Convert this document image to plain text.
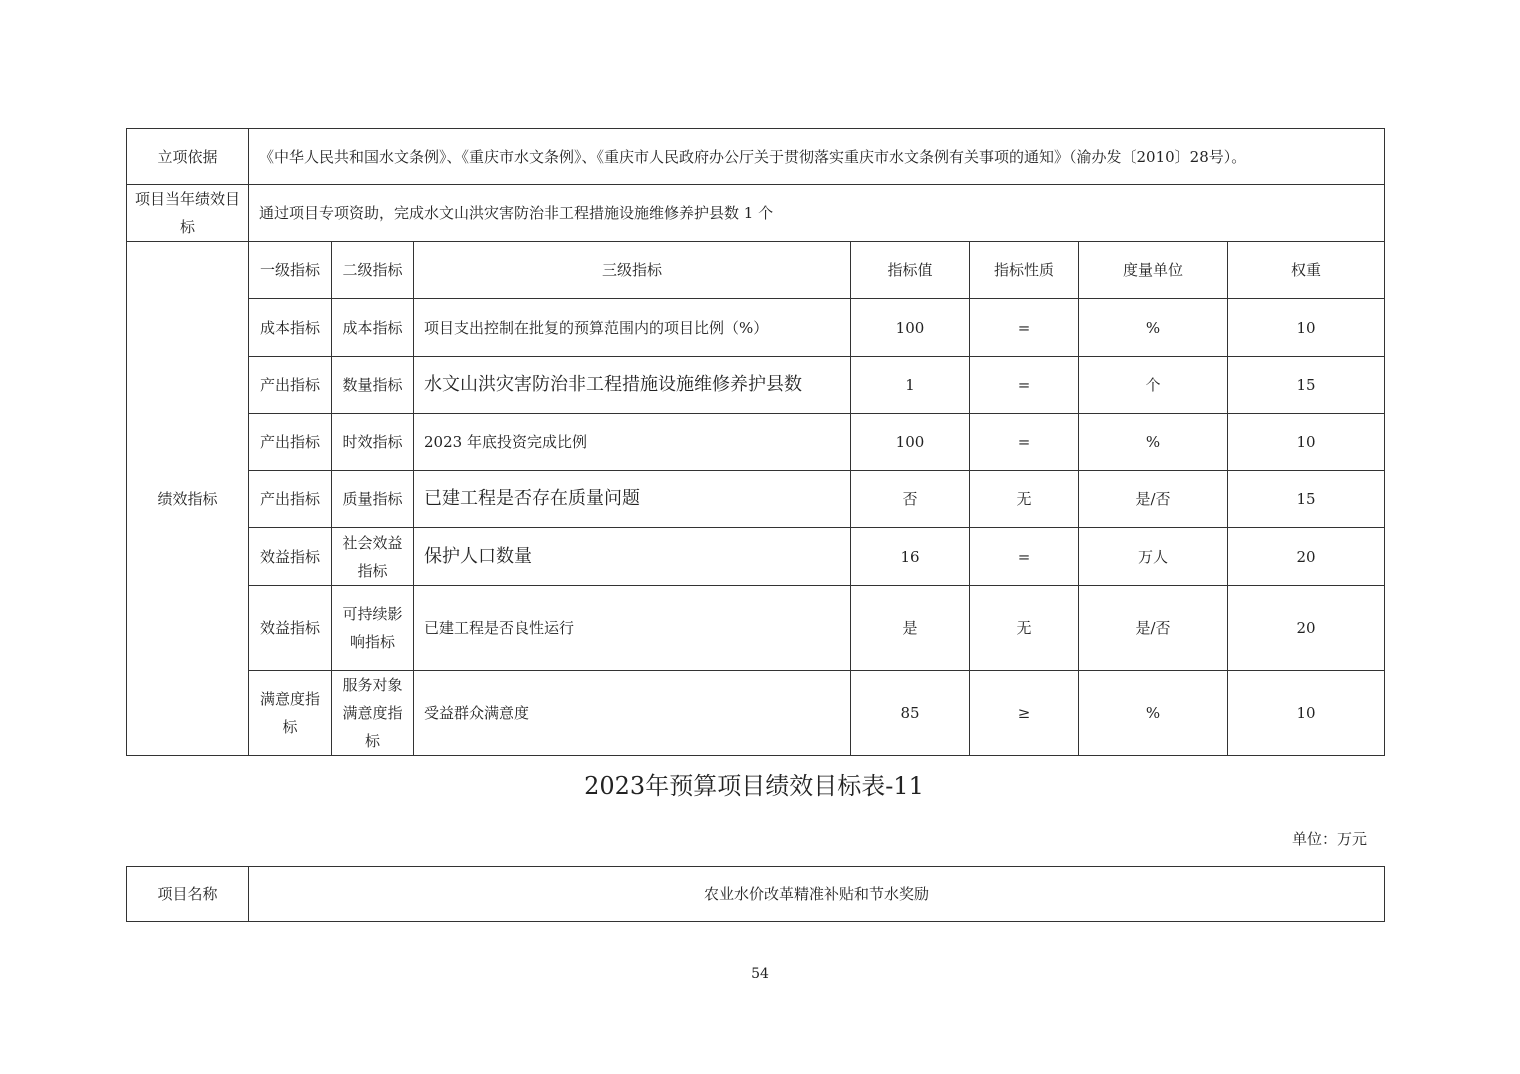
立项依据	《中华人民共和国水文条例》、《重庆市水文条例》、《重庆市人民政府办公厅关于贯彻落实重庆市水文条例有关事项的通知》（渝办发〔2010〕28号）。						
项目当年绩效目标	通过项目专项资助，完成水文山洪灾害防治非工程措施设施维修养护县数 1 个						
绩效指标	一级指标	二级指标	三级指标	指标值	指标性质	度量单位	权重
	成本指标	成本指标	项目支出控制在批复的预算范围内的项目比例（%）	100	=	%	10
	产出指标	数量指标	水文山洪灾害防治非工程措施设施维修养护县数	1	=	个	15
	产出指标	时效指标	2023 年底投资完成比例	100	=	%	10
	产出指标	质量指标	已建工程是否存在质量问题	否	无	是/否	15
	效益指标	社会效益指标	保护人口数量	16	=	万人	20
	效益指标	可持续影响指标	已建工程是否良性运行	是	无	是/否	20
	满意度指标	服务对象满意度指标	受益群众满意度	85	≥	%	10
2023年预算项目绩效目标表-11
单位：万元
项目名称	农业水价改革精准补贴和节水奖励
54
